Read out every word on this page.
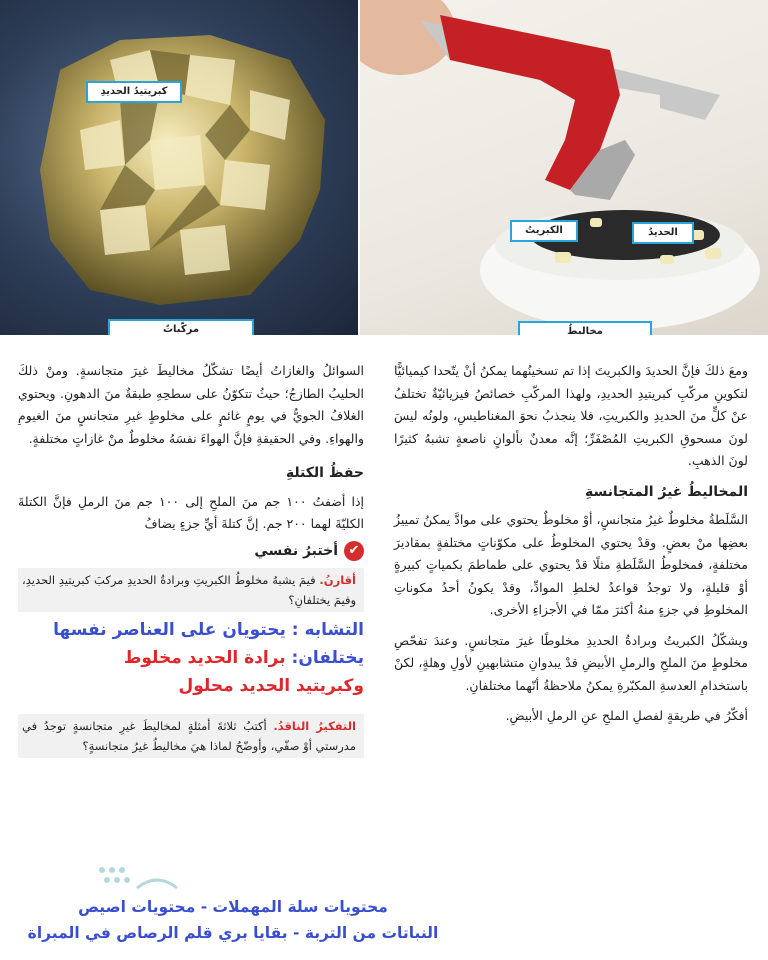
كبريتيدُ الحديدِ
مركّباتٌ
الكبريتُ	الحديدُ
مخاليطُ

ومعَ ذلكَ فإنَّ الحديدَ والكبريتَ إذا تم تسخينُهما يمكنُ أنْ يتّحدا كيميائيًّا لتكوينِ مركّبِ كبريتيدِ الحديدِ، ولهذا المركّبِ خصائصُ فيزيائيّةٌ تختلفُ عنْ كلٍّ منَ الحديدِ والكبريتِ، فلا ينجذبُ نحوَ المغناطيسِ، ولونُه ليسَ لونَ مسحوقِ الكبريتِ المُصْفَرِّ؛ إنَّه معدنٌ بألوانٍ ناصعةٍ تشبهُ كثيرًا لونَ الذهبِ.

المخاليطُ غيرُ المتجانسةِ

السَّلَطةُ مخلوطٌ غيرُ متجانسٍ، أوْ مخلوطٌ يحتوي على موادَّ يمكنُ تمييزُ بعضِها منْ بعضٍ. وقدْ يحتوي المخلوطُ على مكوّناتٍ مختلفةٍ بمقاديرَ مختلفةٍ، فمخلوطُ السَّلَطةِ مثلًا قدْ يحتوي على طماطمَ بكمياتٍ كبيرةٍ أوْ قليلةٍ، ولا توجدُ قواعدُ لخلطِ الموادِّ، وقدْ يكونُ أحدُ مكوناتِ المخلوطِ في جزءٍ منهُ أكثرَ ممّا في الأجزاءِ الأخرى.

ويشكّلُ الكبريتُ وبرادةُ الحديدِ مخلوطًا غيرَ متجانسٍ. وعندَ تفحّصِ مخلوطٍ منَ الملحِ والرملِ الأبيضِ قدْ يبدوانِ متشابهينِ لأولِ وهلةٍ، لكنْ باستخدامِ العدسةِ المكبّرةِ يمكنُ ملاحظةُ أنّهما مختلفانِ.

أفكّرُ في طريقةٍ لفصلِ الملحِ عنِ الرملِ الأبيضِ.

السوائلُ والغازاتُ أيضًا تشكّلُ مخاليطَ غيرَ متجانسةٍ. ومنْ ذلكَ الحليبُ الطازجُ؛ حيثُ تتكوّنُ على سطحِهِ طبقةٌ منَ الدهونِ. ويحتوي الغلافُ الجويُّ في يومٍ غائمٍ على مخلوطٍ غيرِ متجانسٍ منَ الغيومِ والهواءِ. وفي الحقيقةِ فإنَّ الهواءَ نفسَهُ مخلوطٌ منْ غازاتٍ مختلفةٍ.

حفظُ الكتلةِ

إذا أضفتُ ١٠٠ جم منَ الملحِ إلى ١٠٠ جم منَ الرملِ فإنَّ الكتلةَ الكليّةَ لهما ٢٠٠ جم. إنَّ كتلةَ أيِّ جزءٍ يضافُ

✔
أختبرُ نفسي
أقارنُ. فيمَ يشبهُ مخلوطُ الكبريتِ وبرادةُ الحديدِ مركبَ كبريتيدِ الحديدِ، وفيمَ يختلفانِ؟
التشابه : يحتويان على العناصر نفسها
يختلفان: برادة الحديد مخلوط
وكبريتيد الحديد محلول
التفكيرُ الناقدُ. أكتبُ ثلاثةَ أمثلةٍ لمخاليطَ غيرِ متجانسةٍ توجدُ في مدرستي أوْ صفّي، وأوضّحُ لماذا هيَ مخاليطُ غيرُ متجانسةٍ؟
محتويات سلة المهملات - محتويات اصيص
النباتات من التربة - بقايا بري قلم الرصاص في المبراة
